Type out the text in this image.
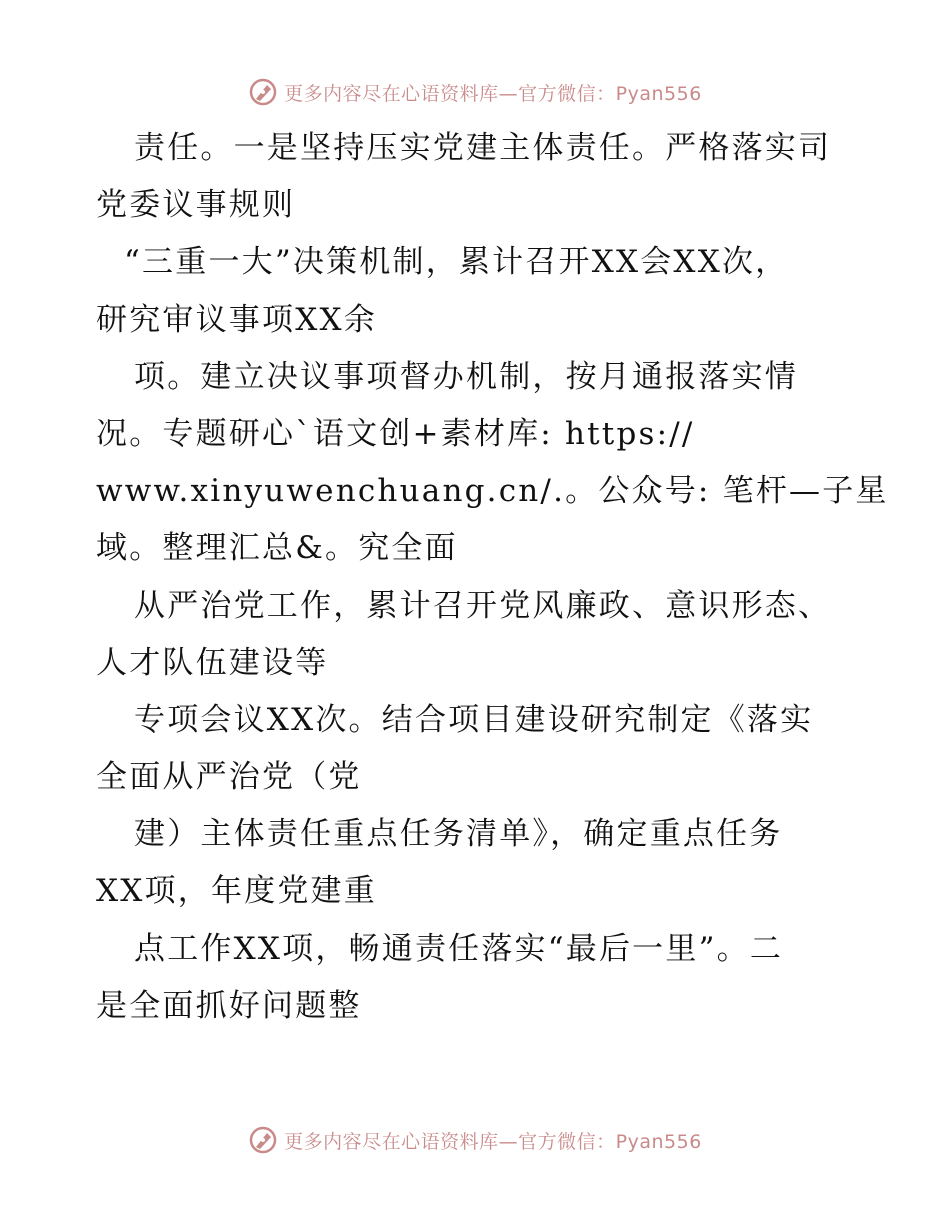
更多内容尽在心语资料库—官方微信：Pyan556
责任。一是坚持压实党建主体责任。严格落实司
党委议事规则
“三重一大”决策机制，累计召开XX会XX次，
研究审议事项XX余
项。建立决议事项督办机制，按月通报落实情
况。专题研心`语文创+素材库: https://
www.xinyuwenchuang.cn/.。公众号: 笔杆—子星
域。整理汇总&。究全面
从严治党工作，累计召开党风廉政、意识形态、
人才队伍建设等
专项会议XX次。结合项目建设研究制定《落实
全面从严治党（党
建）主体责任重点任务清单》，确定重点任务
XX项，年度党建重
点工作XX项，畅通责任落实“最后一里”。二
是全面抓好问题整
更多内容尽在心语资料库—官方微信：Pyan556
